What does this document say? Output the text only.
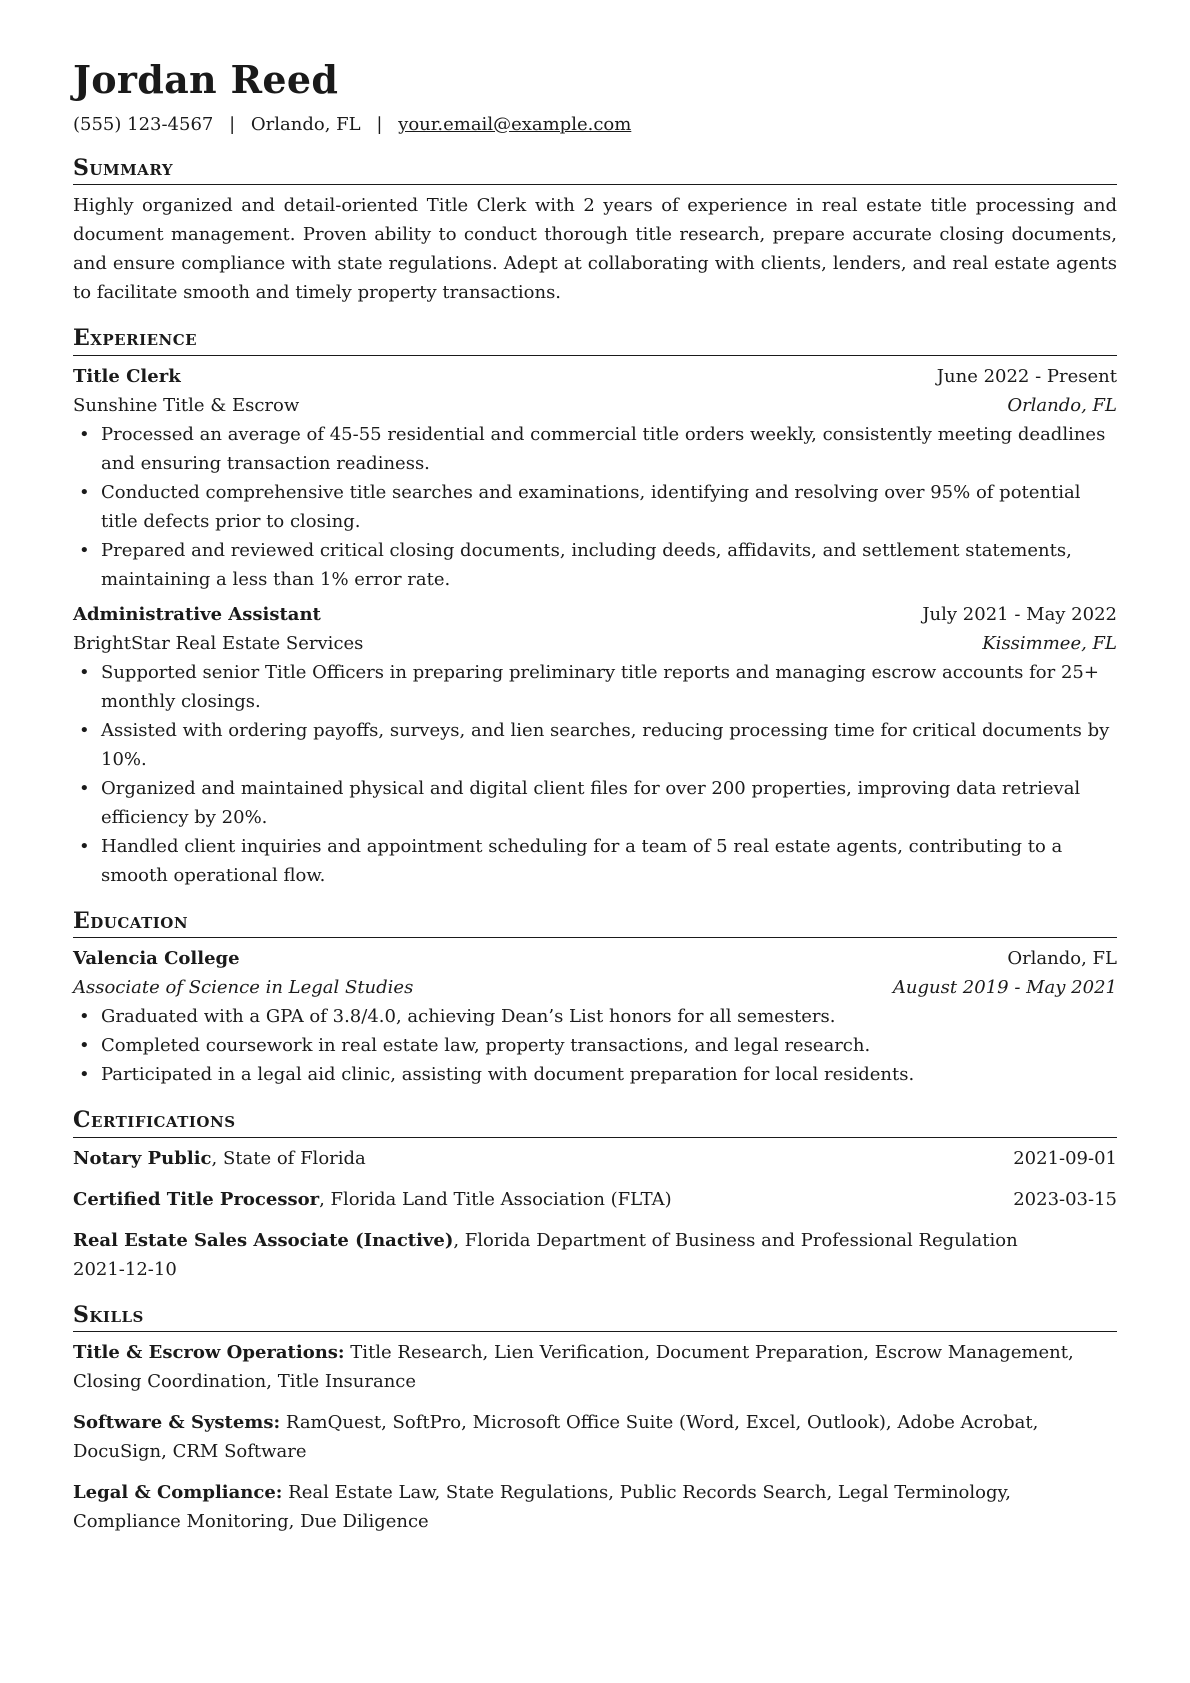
Jordan Reed
(555) 123-4567 | Orlando, FL | your.email@example.com
Summary
Highly organized and detail-oriented Title Clerk with 2 years of experience in real estate title processing and document management. Proven ability to conduct thorough title research, prepare accurate closing documents, and ensure compliance with state regulations. Adept at collaborating with clients, lenders, and real estate agents to facilitate smooth and timely property transactions.
Experience
Title Clerk	June 2022 - Present
Sunshine Title & Escrow	Orlando, FL
• Processed an average of 45-55 residential and commercial title orders weekly, consistently meeting deadlines and ensuring transaction readiness.
• Conducted comprehensive title searches and examinations, identifying and resolving over 95% of potential title defects prior to closing.
• Prepared and reviewed critical closing documents, including deeds, affidavits, and settlement statements, maintaining a less than 1% error rate.
Administrative Assistant	July 2021 - May 2022
BrightStar Real Estate Services	Kissimmee, FL
• Supported senior Title Officers in preparing preliminary title reports and managing escrow accounts for 25+ monthly closings.
• Assisted with ordering payoffs, surveys, and lien searches, reducing processing time for critical documents by 10%.
• Organized and maintained physical and digital client files for over 200 properties, improving data retrieval efficiency by 20%.
• Handled client inquiries and appointment scheduling for a team of 5 real estate agents, contributing to a smooth operational flow.
Education
Valencia College	Orlando, FL
Associate of Science in Legal Studies	August 2019 - May 2021
• Graduated with a GPA of 3.8/4.0, achieving Dean’s List honors for all semesters.
• Completed coursework in real estate law, property transactions, and legal research.
• Participated in a legal aid clinic, assisting with document preparation for local residents.
Certifications
Notary Public, State of Florida	2021-09-01
Certified Title Processor, Florida Land Title Association (FLTA)	2023-03-15
Real Estate Sales Associate (Inactive), Florida Department of Business and Professional Regulation
2021-12-10
Skills
Title & Escrow Operations: Title Research, Lien Verification, Document Preparation, Escrow Management, Closing Coordination, Title Insurance
Software & Systems: RamQuest, SoftPro, Microsoft Office Suite (Word, Excel, Outlook), Adobe Acrobat, DocuSign, CRM Software
Legal & Compliance: Real Estate Law, State Regulations, Public Records Search, Legal Terminology, Compliance Monitoring, Due Diligence
